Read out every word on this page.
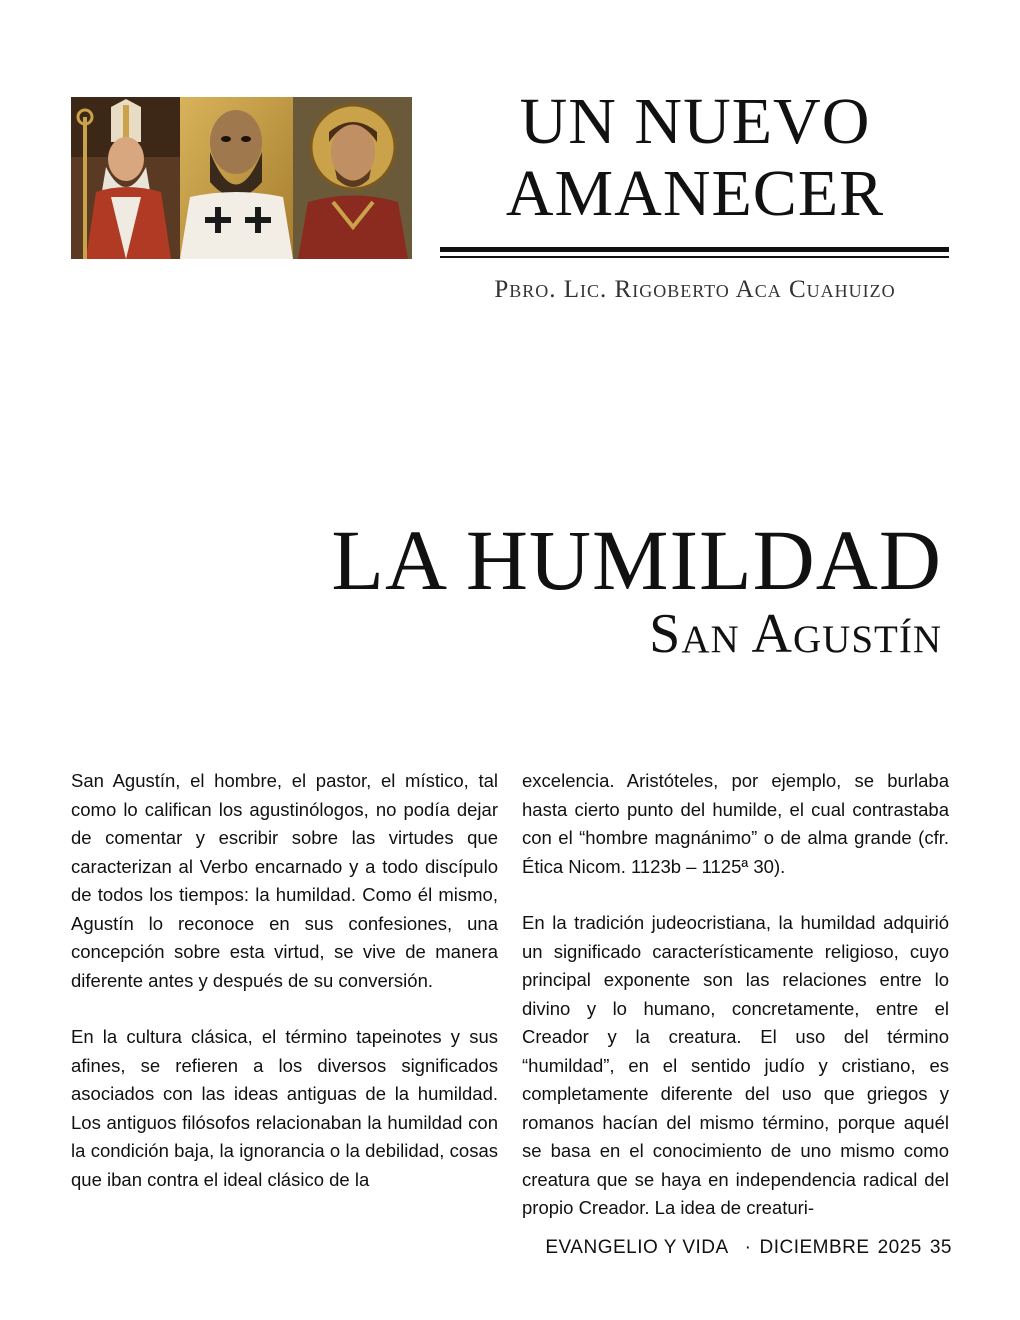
UN NUEVO
AMANECER
Pbro. Lic. Rigoberto Aca Cuahuizo
LA HUMILDAD
San Agustín

San Agustín, el hombre, el pastor, el místico, tal como lo califican los agustinólogos, no podía dejar de comentar y escribir sobre las virtudes que caracterizan al Verbo encarnado y a todo discípulo de todos los tiempos: la humildad. Como él mismo, Agustín lo reconoce en sus confesiones, una concepción sobre esta virtud, se vive de manera diferente antes y después de su conversión.

En la cultura clásica, el término tapeinotes y sus afines, se refieren a los diversos significados asociados con las ideas antiguas de la humildad. Los antiguos filósofos relacionaban la humildad con la condición baja, la ignorancia o la debilidad, cosas que iban contra el ideal clásico de la

excelencia. Aristóteles, por ejemplo, se burlaba hasta cierto punto del humilde, el cual contrastaba con el “hombre magnánimo” o de alma grande (cfr. Ética Nicom. 1123b – 1125ª 30).

En la tradición judeocristiana, la humildad adquirió un significado característicamente religioso, cuyo principal exponente son las relaciones entre lo divino y lo humano, concretamente, entre el Creador y la creatura. El uso del término “humildad”, en el sentido judío y cristiano, es completamente diferente del uso que griegos y romanos hacían del mismo término, porque aquél se basa en el conocimiento de uno mismo como creatura que se haya en independencia radical del propio Creador. La idea de creaturi-

EVANGELIO Y VIDA · DICIEMBRE 2025 35
